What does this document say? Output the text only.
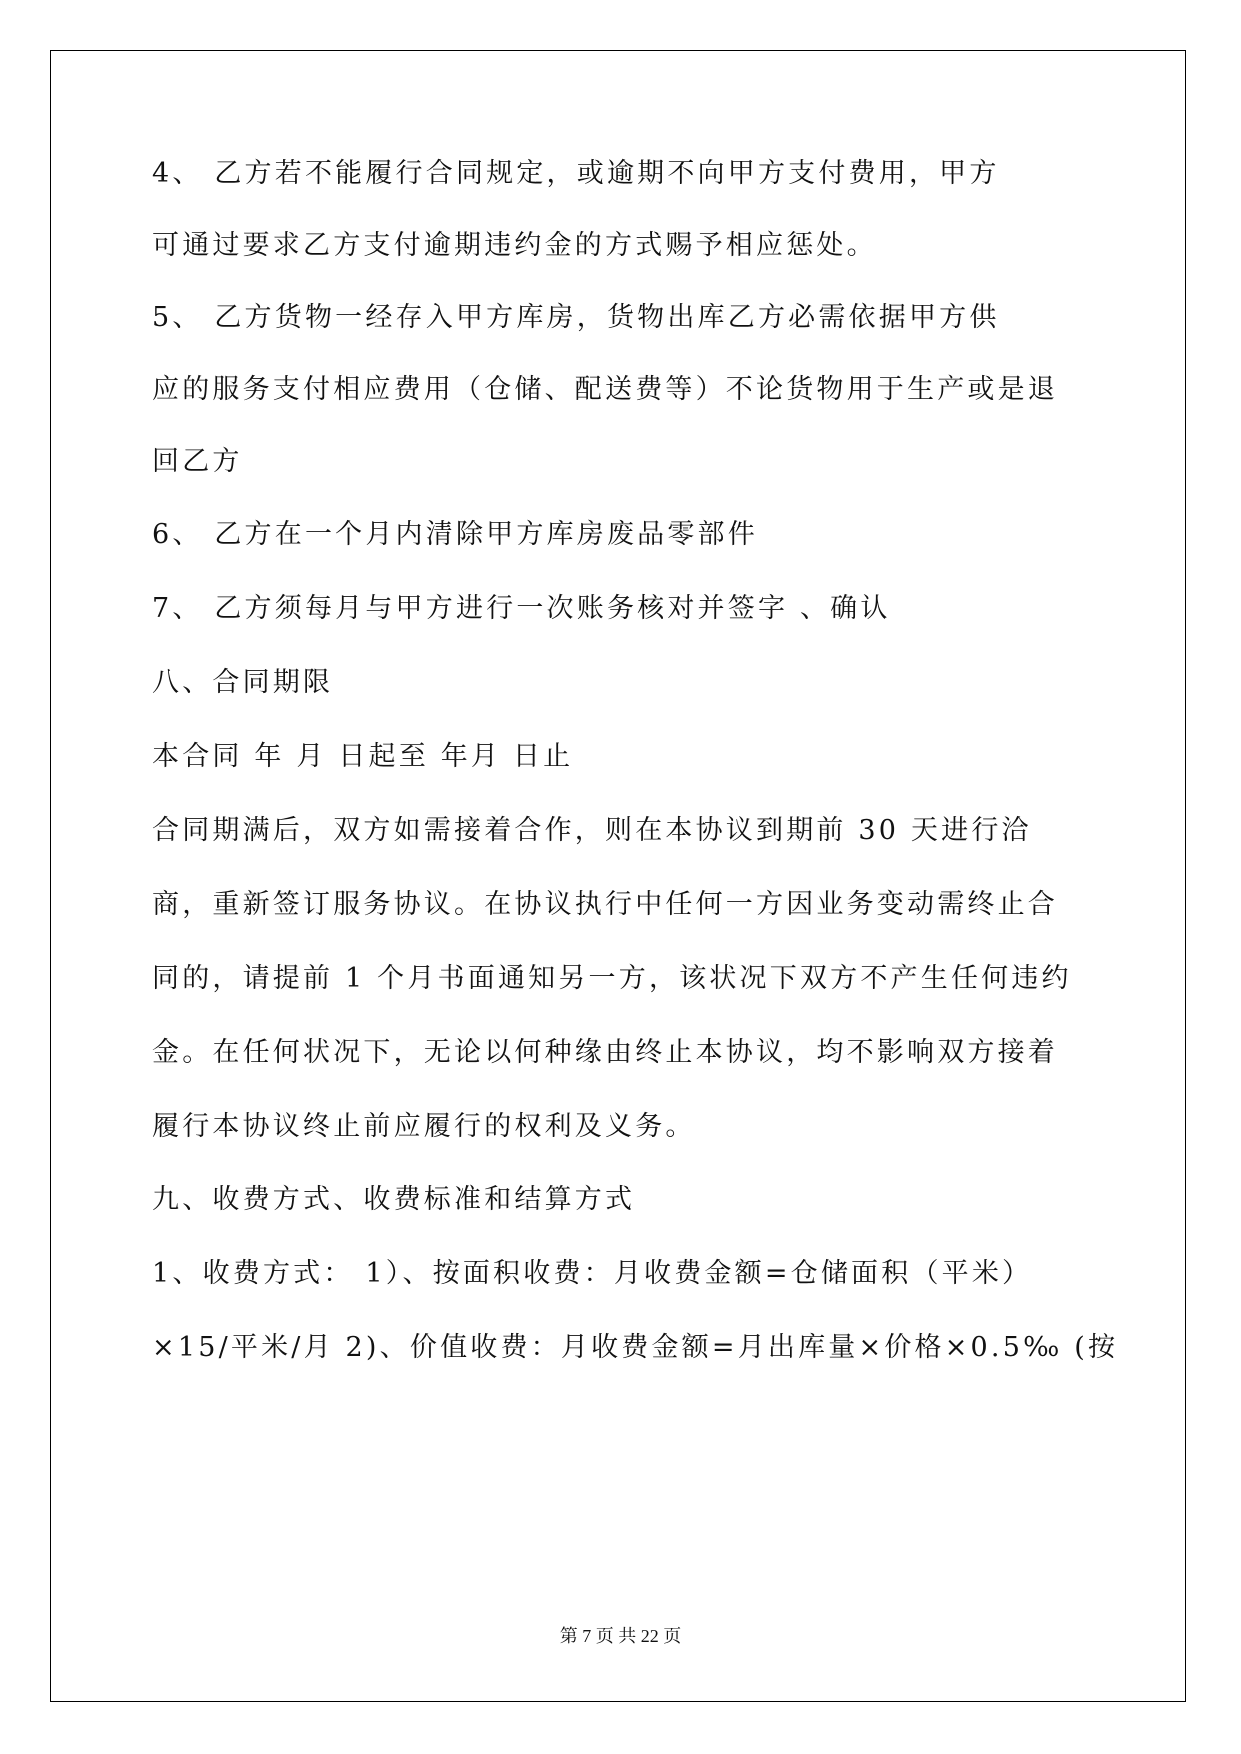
4、 乙方若不能履行合同规定，或逾期不向甲方支付费用，甲方

可通过要求乙方支付逾期违约金的方式赐予相应惩处。

5、 乙方货物一经存入甲方库房，货物出库乙方必需依据甲方供

应的服务支付相应费用（仓储、配送费等）不论货物用于生产或是退

回乙方

6、 乙方在一个月内清除甲方库房废品零部件

7、 乙方须每月与甲方进行一次账务核对并签字 、确认

八、合同期限

本合同 年 月 日起至 年月 日止

合同期满后，双方如需接着合作，则在本协议到期前 30 天进行洽

商，重新签订服务协议。在协议执行中任何一方因业务变动需终止合

同的，请提前 1 个月书面通知另一方，该状况下双方不产生任何违约

金。在任何状况下，无论以何种缘由终止本协议，均不影响双方接着

履行本协议终止前应履行的权利及义务。

九、收费方式、收费标准和结算方式

1、收费方式： 1）、按面积收费：月收费金额=仓储面积（平米）

×15/平米/月 2)、价值收费：月收费金额=月出库量×价格×0.5‰ (按

第 7 页 共 22 页
